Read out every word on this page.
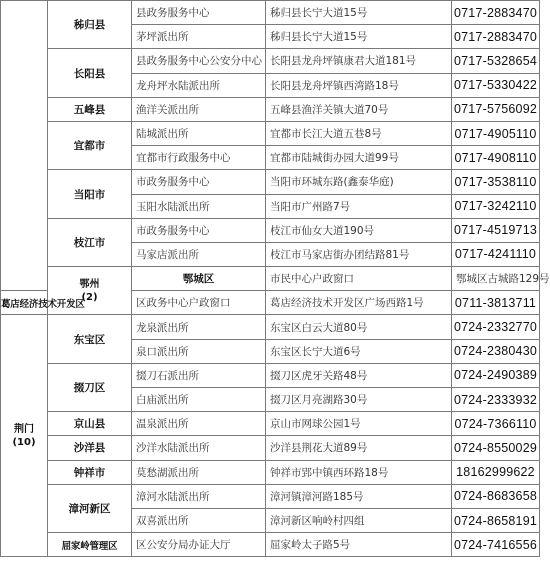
	秭归县	县政务服务中心	秭归县长宁大道15号	0717-2883470	
		茅坪派出所	秭归县长宁大道15号	0717-2883470	
	长阳县	县政务服务中心公安分中心	长阳县龙舟坪镇康君大道181号	0717-5328654	
		龙舟坪水陆派出所	长阳县龙舟坪镇西湾路18号	0717-5330422	
	五峰县	渔洋关派出所	五峰县渔洋关镇大道70号	0717-5756092	
	宜都市	陆城派出所	宜都市长江大道五巷8号	0717-4905110	
		宜都市行政服务中心	宜都市陆城街办园大道99号	0717-4908110	
	当阳市	市政务服务中心	当阳市环城东路(鑫泰华庭)	0717-3538110	
		玉阳水陆派出所	当阳市广州路7号	0717-3242110	
	枝江市	市政务服务中心	枝江市仙女大道190号	0717-4519713	
		马家店派出所	枝江市马家店街办团结路81号	0717-4241110	

	鄂州
(2)	鄂城区	市民中心户政窗口	鄂城区古城路129号	
葛店经济技术开发区		区政务中心户政窗口	葛店经济技术开发区广场西路1号	0711-3813711	

荆门
(10)	东宝区	龙泉派出所	东宝区白云大道80号	0724-2332770	
		泉口派出所	东宝区长宁大道6号	0724-2380430	
	掇刀区	掇刀石派出所	掇刀区虎牙关路48号	0724-2490389	
		白庙派出所	掇刀区月亮湖路30号	0724-2333932	
	京山县	温泉派出所	京山市网球公园1号	0724-7366110	
	沙洋县	沙洋水陆派出所	沙洋县荆花大道89号	0724-8550029	
	钟祥市	莫愁湖派出所	钟祥市郢中镇西环路18号	18162999622	
	漳河新区	漳河水陆派出所	漳河镇漳河路185号	0724-8683658	
		双喜派出所	漳河新区响岭村四组	0724-8658191	
	屈家岭管理区	区公安分局办证大厅	屈家岭太子路5号	0724-7416556	
